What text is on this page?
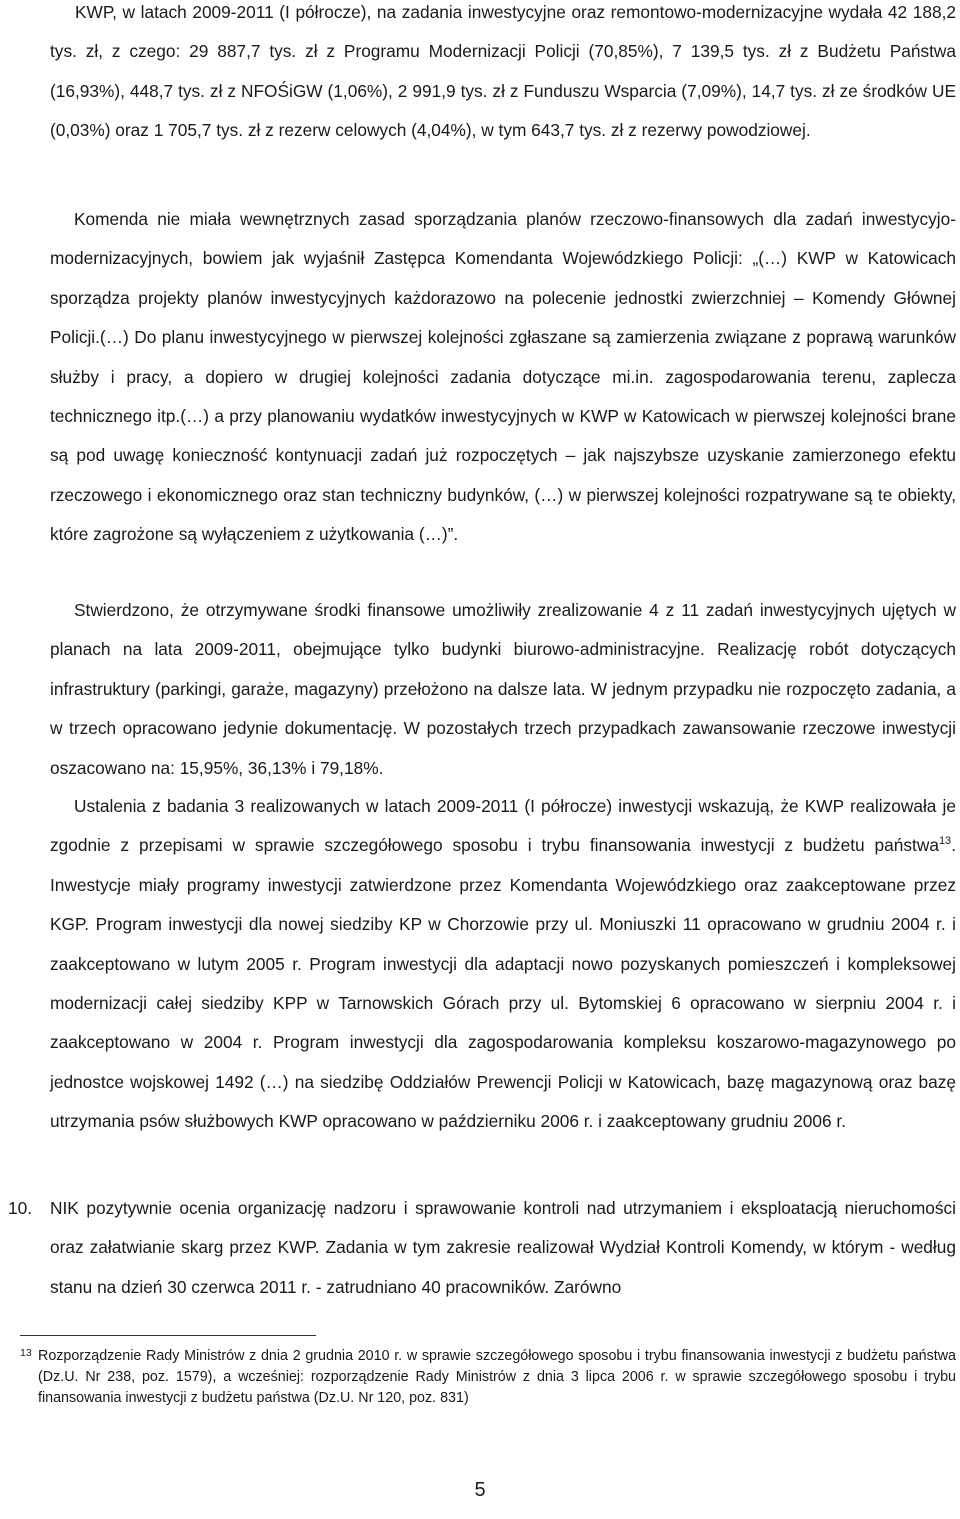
KWP, w latach 2009-2011 (I półrocze), na zadania inwestycyjne oraz remontowo-modernizacyjne wydała 42 188,2 tys. zł, z czego: 29 887,7 tys. zł z Programu Modernizacji Policji (70,85%), 7 139,5 tys. zł z Budżetu Państwa (16,93%), 448,7 tys. zł z NFOŚiGW (1,06%), 2 991,9 tys. zł z Funduszu Wsparcia (7,09%), 14,7 tys. zł ze środków UE (0,03%) oraz 1 705,7 tys. zł z rezerw celowych (4,04%), w tym 643,7 tys. zł z rezerwy powodziowej.

Komenda nie miała wewnętrznych zasad sporządzania planów rzeczowo-finansowych dla zadań inwestycyjo-modernizacyjnych, bowiem jak wyjaśnił Zastępca Komendanta Wojewódzkiego Policji: „(…) KWP w Katowicach sporządza projekty planów inwestycyjnych każdorazowo na polecenie jednostki zwierzchniej – Komendy Głównej Policji.(…) Do planu inwestycyjnego w pierwszej kolejności zgłaszane są zamierzenia związane z poprawą warunków służby i pracy, a dopiero w drugiej kolejności zadania dotyczące mi.in. zagospodarowania terenu, zaplecza technicznego itp.(…) a przy planowaniu wydatków inwestycyjnych w KWP w Katowicach w pierwszej kolejności brane są pod uwagę konieczność kontynuacji zadań już rozpoczętych – jak najszybsze uzyskanie zamierzonego efektu rzeczowego i ekonomicznego oraz stan techniczny budynków, (…) w pierwszej kolejności rozpatrywane są te obiekty, które zagrożone są wyłączeniem z użytkowania (…)”.

Stwierdzono, że otrzymywane środki finansowe umożliwiły zrealizowanie 4 z 11 zadań inwestycyjnych ujętych w planach na lata 2009-2011, obejmujące tylko budynki biurowo-administracyjne. Realizację robót dotyczących infrastruktury (parkingi, garaże, magazyny) przełożono na dalsze lata. W jednym przypadku nie rozpoczęto zadania, a w trzech opracowano jedynie dokumentację. W pozostałych trzech przypadkach zawansowanie rzeczowe inwestycji oszacowano na: 15,95%, 36,13% i 79,18%.

Ustalenia z badania 3 realizowanych w latach 2009-2011 (I półrocze) inwestycji wskazują, że KWP realizowała je zgodnie z przepisami w sprawie szczegółowego sposobu i trybu finansowania inwestycji z budżetu państwa$^{13}$. Inwestycje miały programy inwestycji zatwierdzone przez Komendanta Wojewódzkiego oraz zaakceptowane przez KGP. Program inwestycji dla nowej siedziby KP w Chorzowie przy ul. Moniuszki 11 opracowano w grudniu 2004 r. i zaakceptowano w lutym 2005 r. Program inwestycji dla adaptacji nowo pozyskanych pomieszczeń i kompleksowej modernizacji całej siedziby KPP w Tarnowskich Górach przy ul. Bytomskiej 6 opracowano w sierpniu 2004 r. i zaakceptowano w 2004 r. Program inwestycji dla zagospodarowania kompleksu koszarowo-magazynowego po jednostce wojskowej 1492 (…) na siedzibę Oddziałów Prewencji Policji w Katowicach, bazę magazynową oraz bazę utrzymania psów służbowych KWP opracowano w październiku 2006 r. i zaakceptowany grudniu 2006 r.

10. NIK pozytywnie ocenia organizację nadzoru i sprawowanie kontroli nad utrzymaniem i eksploatacją nieruchomości oraz załatwianie skarg przez KWP. Zadania w tym zakresie realizował Wydział Kontroli Komendy, w którym - według stanu na dzień 30 czerwca 2011 r. - zatrudniano 40 pracowników. Zarówno

13 Rozporządzenie Rady Ministrów z dnia 2 grudnia 2010 r. w sprawie szczegółowego sposobu i trybu finansowania inwestycji z budżetu państwa (Dz.U. Nr 238, poz. 1579), a wcześniej: rozporządzenie Rady Ministrów z dnia 3 lipca 2006 r. w sprawie szczegółowego sposobu i trybu finansowania inwestycji z budżetu państwa (Dz.U. Nr 120, poz. 831)

5
